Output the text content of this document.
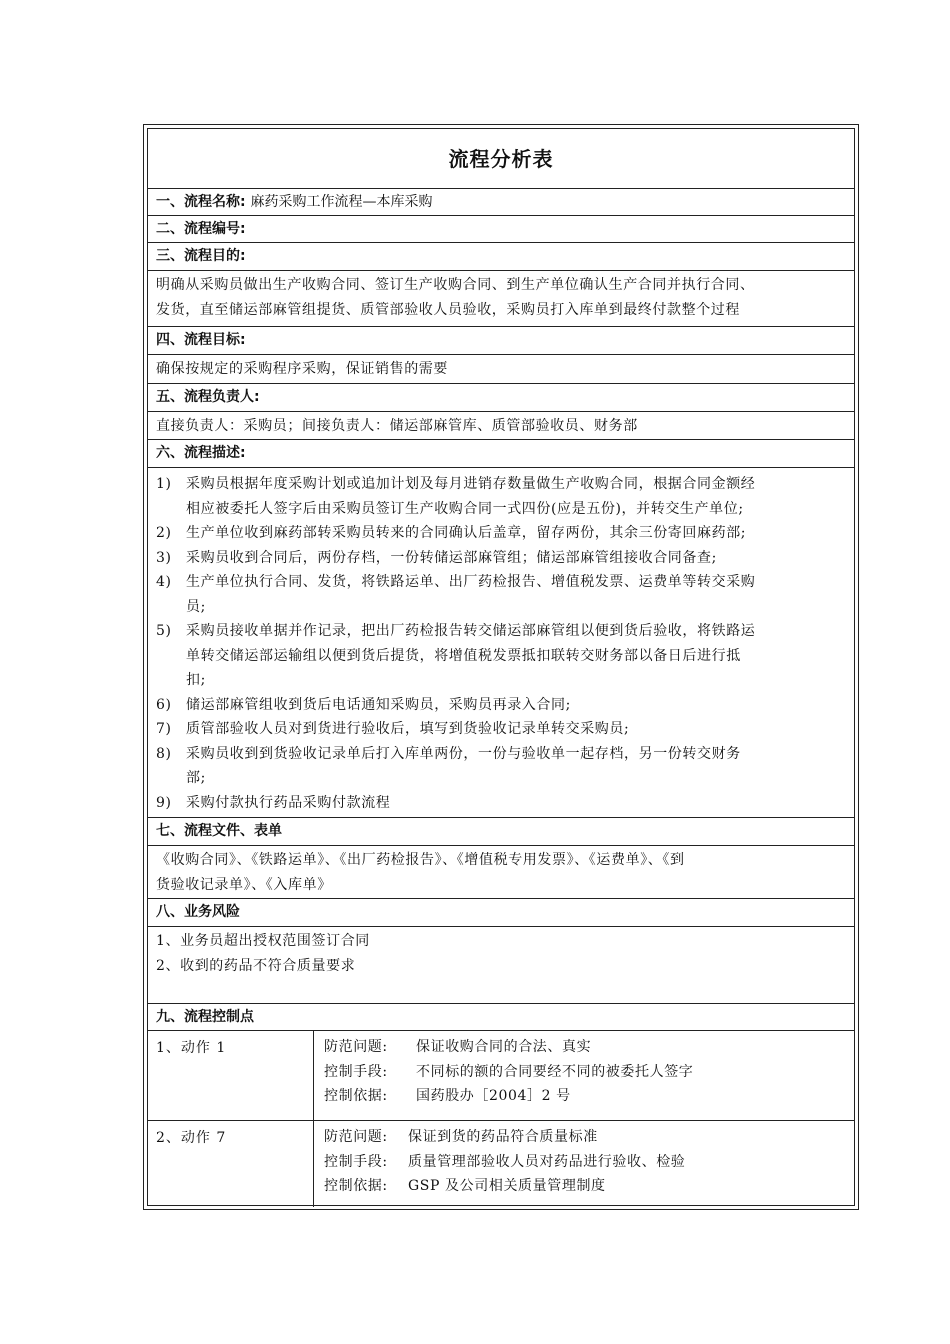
流程分析表
一、流程名称: 麻药采购工作流程—本库采购
二、流程编号:
三、流程目的:
明确从采购员做出生产收购合同、签订生产收购合同、到生产单位确认生产合同并执行合同、
发货，直至储运部麻管组提货、质管部验收人员验收，采购员打入库单到最终付款整个过程
四、流程目标:
确保按规定的采购程序采购，保证销售的需要
五、流程负责人:
直接负责人：采购员；间接负责人：储运部麻管库、质管部验收员、财务部
六、流程描述:
1)	采购员根据年度采购计划或追加计划及每月进销存数量做生产收购合同，根据合同金额经
相应被委托人签字后由采购员签订生产收购合同一式四份(应是五份)，并转交生产单位;
2)	生产单位收到麻药部转采购员转来的合同确认后盖章，留存两份，其余三份寄回麻药部;
3)	采购员收到合同后，两份存档，一份转储运部麻管组；储运部麻管组接收合同备查;
4)	生产单位执行合同、发货，将铁路运单、出厂药检报告、增值税发票、运费单等转交采购
员;
5)	采购员接收单据并作记录，把出厂药检报告转交储运部麻管组以便到货后验收，将铁路运
单转交储运部运输组以便到货后提货，将增值税发票抵扣联转交财务部以备日后进行抵
扣;
6)	储运部麻管组收到货后电话通知采购员，采购员再录入合同;
7)	质管部验收人员对到货进行验收后，填写到货验收记录单转交采购员;
8)	采购员收到到货验收记录单后打入库单两份，一份与验收单一起存档，另一份转交财务
部;
9)	采购付款执行药品采购付款流程
七、流程文件、表单
《收购合同》、《铁路运单》、《出厂药检报告》、《增值税专用发票》、《运费单》、《到
货验收记录单》、《入库单》
八、业务风险
1、业务员超出授权范围签订合同
2、收到的药品不符合质量要求
九、流程控制点
1、动作 1	防范问题: 保证收购合同的合法、真实
控制手段: 不同标的额的合同要经不同的被委托人签字
控制依据: 国药股办［2004］2 号
2、动作 7	防范问题: 保证到货的药品符合质量标准
控制手段: 质量管理部验收人员对药品进行验收、检验
控制依据: GSP 及公司相关质量管理制度
